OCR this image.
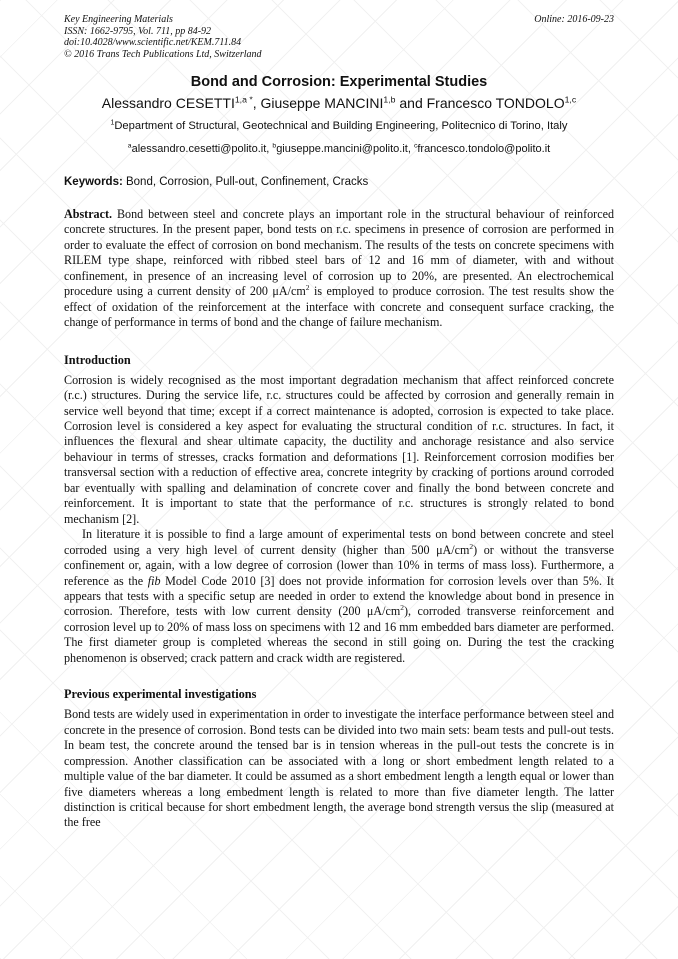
Key Engineering Materials
ISSN: 1662-9795, Vol. 711, pp 84-92
doi:10.4028/www.scientific.net/KEM.711.84
© 2016 Trans Tech Publications Ltd, Switzerland
Online: 2016-09-23
Bond and Corrosion: Experimental Studies
Alessandro $CESETTI^{1,a *}$, Giuseppe MANCINI$^{1,b}$ and Francesco TONDOLO$^{1,c}$
$^1$Department of Structural, Geotechnical and Building Engineering, Politecnico di Torino, Italy
$^a$alessandro.cesetti@polito.it, $^b$giuseppe.mancini@polito.it, $^c$francesco.tondolo@polito.it
Keywords: Bond, Corrosion, Pull-out, Confinement, Cracks

Abstract. Bond between steel and concrete plays an important role in the structural behaviour of reinforced concrete structures. In the present paper, bond tests on r.c. specimens in presence of corrosion are performed in order to evaluate the effect of corrosion on bond mechanism. The results of the tests on concrete specimens with RILEM type shape, reinforced with ribbed steel bars of 12 and 16 mm of diameter, with and without confinement, in presence of an increasing level of corrosion up to 20%, are presented. An electrochemical procedure using a current density of 200 $\mu A/cm^2$ is employed to produce corrosion. The test results show the effect of oxidation of the reinforcement at the interface with concrete and consequent surface cracking, the change of performance in terms of bond and the change of failure mechanism.

Introduction

Corrosion is widely recognised as the most important degradation mechanism that affect reinforced concrete (r.c.) structures. During the service life, r.c. structures could be affected by corrosion and generally remain in service well beyond that time; except if a correct maintenance is adopted, corrosion is expected to take place. Corrosion level is considered a key aspect for evaluating the structural condition of r.c. structures. In fact, it influences the flexural and shear ultimate capacity, the ductility and anchorage resistance and also service behaviour in terms of stresses, cracks formation and deformations [1]. Reinforcement corrosion modifies ber transversal section with a reduction of effective area, concrete integrity by cracking of portions around corroded bar eventually with spalling and delamination of concrete cover and finally the bond between concrete and reinforcement. It is important to state that the performance of r.c. structures is strongly related to bond mechanism [2].

In literature it is possible to find a large amount of experimental tests on bond between concrete and steel corroded using a very high level of current density (higher than 500 $\mu A/cm^2$) or without the transverse confinement or, again, with a low degree of corrosion (lower than 10% in terms of mass loss). Furthermore, a reference as the fib Model Code 2010 [3] does not provide information for corrosion levels over than 5%. It appears that tests with a specific setup are needed in order to extend the knowledge about bond in presence in corrosion. Therefore, tests with low current density (200 $\mu A/cm^2$), corroded transverse reinforcement and corrosion level up to 20% of mass loss on specimens with 12 and 16 mm embedded bars diameter are performed. The first diameter group is completed whereas the second in still going on. During the test the cracking phenomenon is observed; crack pattern and crack width are registered.

Previous experimental investigations

Bond tests are widely used in experimentation in order to investigate the interface performance between steel and concrete in the presence of corrosion. Bond tests can be divided into two main sets: beam tests and pull-out tests. In beam test, the concrete around the tensed bar is in tension whereas in the pull-out tests the concrete is in compression. Another classification can be associated with a long or short embedment length related to a multiple value of the bar diameter. It could be assumed as a short embedment length a length equal or lower than five diameters whereas a long embedment length is related to more than five diameter length. The latter distinction is critical because for short embedment length, the average bond strength versus the slip (measured at the free
